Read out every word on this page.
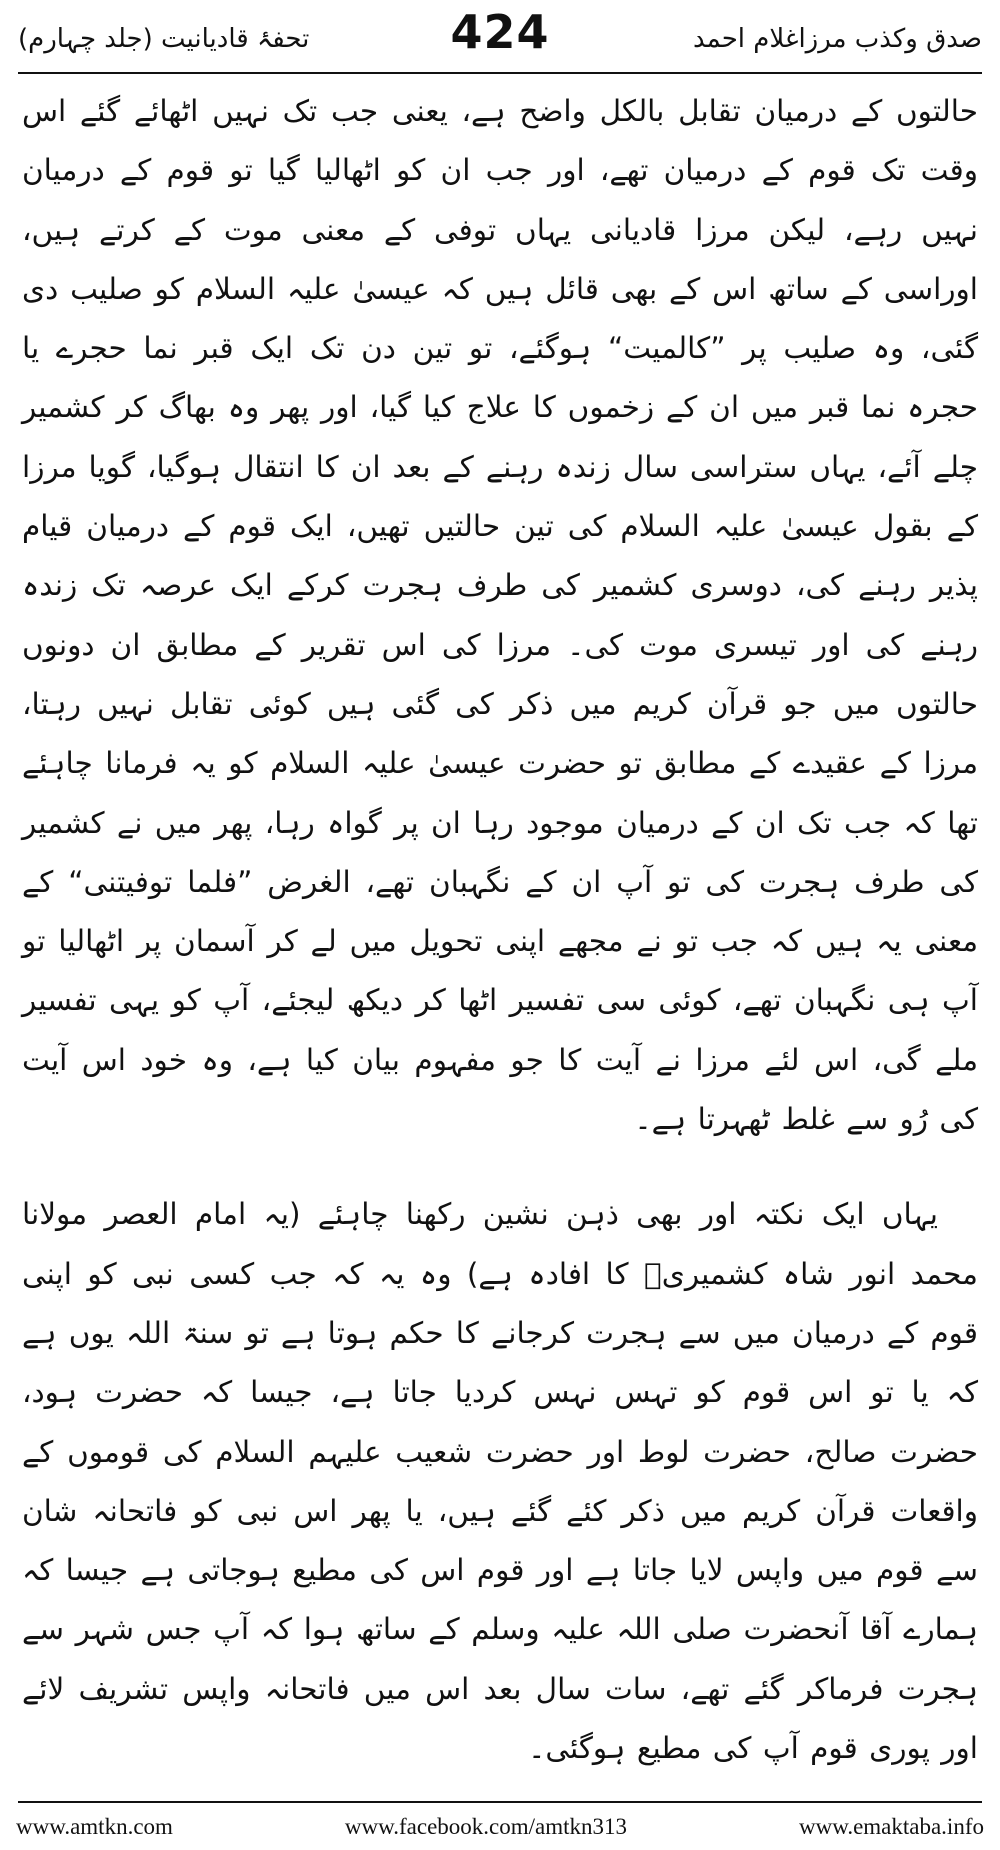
تحفۂ قادیانیت (جلد چہارم)	صدق وکذب مرزاغلام احمد
424

حالتوں کے درمیان تقابل بالکل واضح ہے، یعنی جب تک نہیں اٹھائے گئے اس وقت تک قوم کے درمیان تھے، اور جب ان کو اٹھالیا گیا تو قوم کے درمیان نہیں رہے، لیکن مرزا قادیانی یہاں توفی کے معنی موت کے کرتے ہیں، اوراسی کے ساتھ اس کے بھی قائل ہیں کہ عیسیٰ علیہ السلام کو صلیب دی گئی، وہ صلیب پر ”کالمیت“ ہوگئے، تو تین دن تک ایک قبر نما حجرے یا حجرہ نما قبر میں ان کے زخموں کا علاج کیا گیا، اور پھر وہ بھاگ کر کشمیر چلے آئے، یہاں ستراسی سال زندہ رہنے کے بعد ان کا انتقال ہوگیا، گویا مرزا کے بقول عیسیٰ علیہ السلام کی تین حالتیں تھیں، ایک قوم کے درمیان قیام پذیر رہنے کی، دوسری کشمیر کی طرف ہجرت کرکے ایک عرصہ تک زندہ رہنے کی اور تیسری موت کی۔ مرزا کی اس تقریر کے مطابق ان دونوں حالتوں میں جو قرآن کریم میں ذکر کی گئی ہیں کوئی تقابل نہیں رہتا، مرزا کے عقیدے کے مطابق تو حضرت عیسیٰ علیہ السلام کو یہ فرمانا چاہئے تھا کہ جب تک ان کے درمیان موجود رہا ان پر گواہ رہا، پھر میں نے کشمیر کی طرف ہجرت کی تو آپ ان کے نگہبان تھے، الغرض ”فلما توفیتنی“ کے معنی یہ ہیں کہ جب تو نے مجھے اپنی تحویل میں لے کر آسمان پر اٹھالیا تو آپ ہی نگہبان تھے، کوئی سی تفسیر اٹھا کر دیکھ لیجئے، آپ کو یہی تفسیر ملے گی، اس لئے مرزا نے آیت کا جو مفہوم بیان کیا ہے، وہ خود اس آیت کی رُو سے غلط ٹھہرتا ہے۔

یہاں ایک نکتہ اور بھی ذہن نشین رکھنا چاہئے (یہ امام العصر مولانا محمد انور شاہ کشمیریؒ کا افادہ ہے) وہ یہ کہ جب کسی نبی کو اپنی قوم کے درمیان میں سے ہجرت کرجانے کا حکم ہوتا ہے تو سنۃ اللہ یوں ہے کہ یا تو اس قوم کو تہس نہس کردیا جاتا ہے، جیسا کہ حضرت ہود، حضرت صالح، حضرت لوط اور حضرت شعیب علیہم السلام کی قوموں کے واقعات قرآن کریم میں ذکر کئے گئے ہیں، یا پھر اس نبی کو فاتحانہ شان سے قوم میں واپس لایا جاتا ہے اور قوم اس کی مطیع ہوجاتی ہے جیسا کہ ہمارے آقا آنحضرت صلی اللہ علیہ وسلم کے ساتھ ہوا کہ آپ جس شہر سے ہجرت فرماکر گئے تھے، سات سال بعد اس میں فاتحانہ واپس تشریف لائے اور پوری قوم آپ کی مطیع ہوگئی۔

www.amtkn.com	www.facebook.com/amtkn313	www.emaktaba.info
